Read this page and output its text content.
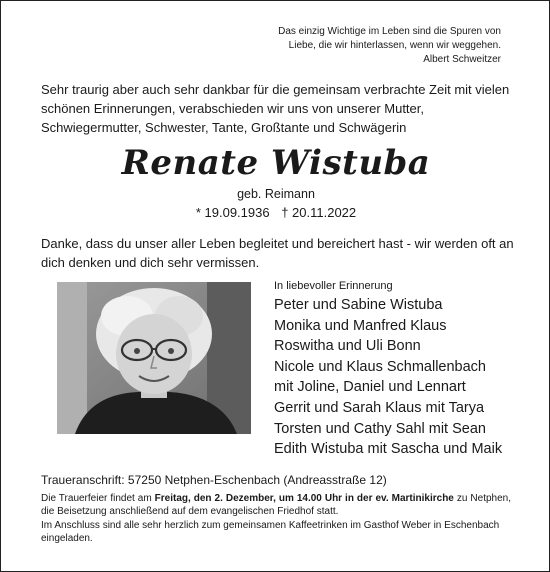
Das einzig Wichtige im Leben sind die Spuren von
Liebe, die wir hinterlassen, wenn wir weggehen.

Albert Schweitzer
Sehr traurig aber auch sehr dankbar für die gemeinsam verbrachte Zeit mit vielen schönen Erinnerungen, verabschieden wir uns von unserer Mutter, Schwiegermutter, Schwester, Tante, Großtante und Schwägerin
Renate Wistuba
geb. Reimann
* 19.09.1936 † 20.11.2022
Danke, dass du unser aller Leben begleitet und bereichert hast - wir werden oft an dich denken und dich sehr vermissen.
In liebevoller Erinnerung
Peter und Sabine Wistuba
Monika und Manfred Klaus
Roswitha und Uli Bonn
Nicole und Klaus Schmallenbach
mit Joline, Daniel und Lennart
Gerrit und Sarah Klaus mit Tarya
Torsten und Cathy Sahl mit Sean
Edith Wistuba mit Sascha und Maik
Traueranschrift: 57250 Netphen-Eschenbach (Andreasstraße 12)
Die Trauerfeier findet am Freitag, den 2. Dezember, um 14.00 Uhr in der ev. Martinikirche zu Netphen, die Beisetzung anschließend auf dem evangelischen Friedhof statt.
Im Anschluss sind alle sehr herzlich zum gemeinsamen Kaffeetrinken im Gasthof Weber in Eschenbach eingeladen.
